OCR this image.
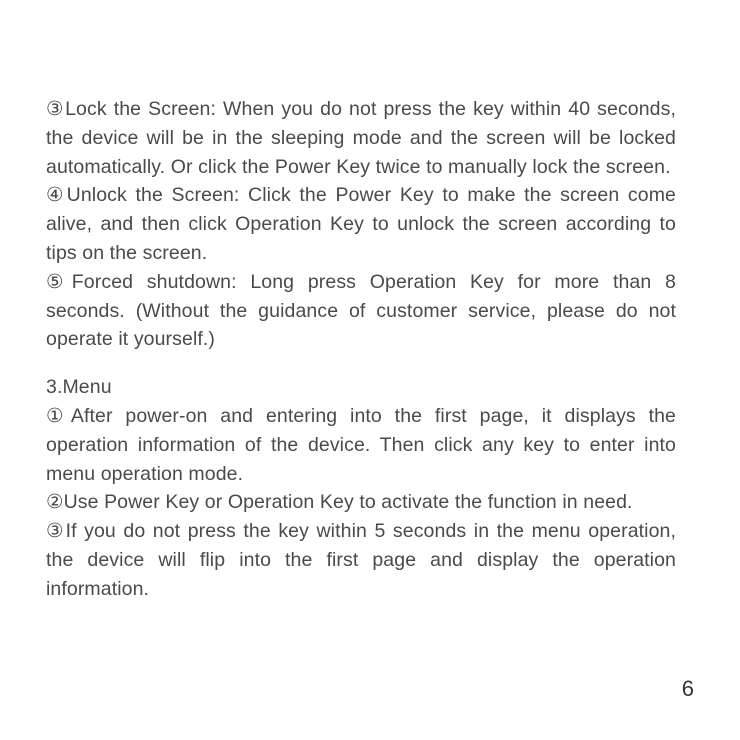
③Lock the Screen: When you do not press the key within 40 seconds, the device will be in the sleeping mode and the screen will be locked automatically. Or click the Power Key twice to manually lock the screen.

④Unlock the Screen: Click the Power Key to make the screen come alive, and then click Operation Key to unlock the screen according to tips on the screen.

⑤Forced shutdown: Long press Operation Key for more than 8 seconds. (Without the guidance of customer service, please do not operate it yourself.)

3.Menu

①After power-on and entering into the first page, it displays the operation information of the device. Then click any key to enter into menu operation mode.

②Use Power Key or Operation Key to activate the function in need.

③If you do not press the key within 5 seconds in the menu operation, the device will flip into the first page and display the operation information.

6
